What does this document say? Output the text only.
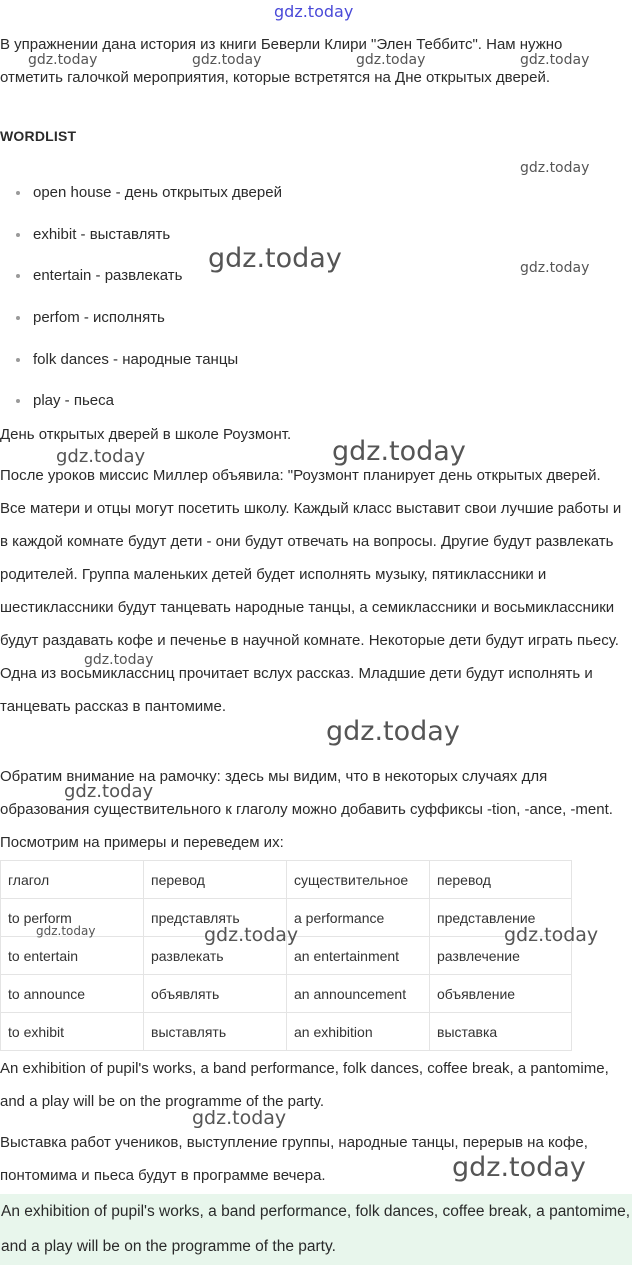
В упражнении дана история из книги Беверли Клири "Элен Теббитс". Нам нужно отметить галочкой мероприятия, которые встретятся на Дне открытых дверей.

WORDLIST
open house - день открытых дверей
exhibit - выставлять
entertain - развлекать
perfom - исполнять
folk dances - народные танцы
play - пьеса

День открытых дверей в школе Роузмонт.

После уроков миссис Миллер объявила: "Роузмонт планирует день открытых дверей. Все матери и отцы могут посетить школу. Каждый класс выставит свои лучшие работы и в каждой комнате будут дети - они будут отвечать на вопросы. Другие будут развлекать родителей. Группа маленьких детей будет исполнять музыку, пятиклассники и шестиклассники будут танцевать народные танцы, а семиклассники и восьмиклассники будут раздавать кофе и печенье в научной комнате. Некоторые дети будут играть пьесу. Одна из восьмиклассниц прочитает вслух рассказ. Младшие дети будут исполнять и танцевать рассказ в пантомиме.

Обратим внимание на рамочку: здесь мы видим, что в некоторых случаях для образования существительного к глаголу можно добавить суффиксы -tion, -ance, -ment. Посмотрим на примеры и переведем их:

глагол	перевод	существительное	перевод
to perform	представлять	a performance	представление
to entertain	развлекать	an entertainment	развлечение
to announce	объявлять	an announcement	объявление
to exhibit	выставлять	an exhibition	выставка

An exhibition of pupil's works, a band performance, folk dances, coffee break, a pantomime, and a play will be on the programme of the party.

Выставка работ учеников, выступление группы, народные танцы, перерыв на кофе, понтомима и пьеса будут в программе вечера.

An exhibition of pupil's works, a band performance, folk dances, coffee break, a pantomime, and a play will be on the programme of the party.

gdz.today
gdz.today	gdz.today	gdz.today	gdz.today
gdz.today
gdz.today	gdz.today
gdz.today	gdz.today
gdz.today
gdz.today
gdz.today
gdz.today	gdz.today	gdz.today
gdz.today
gdz.today
